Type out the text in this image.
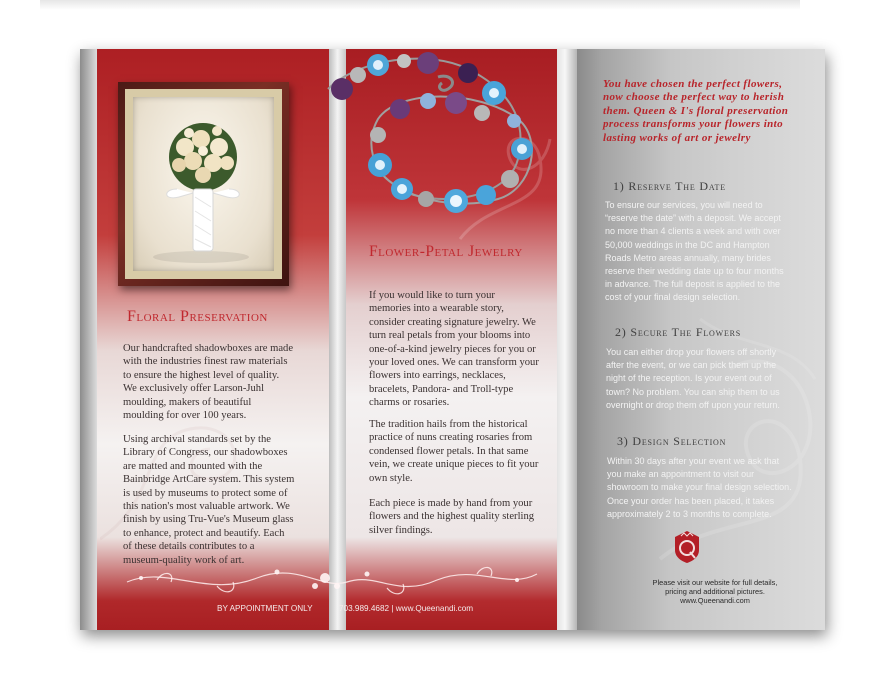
Floral Preservation
Our handcrafted shadowboxes are made
with the industries finest raw materials
to ensure the highest level of quality.
We exclusively offer Larson-Juhl
moulding, makers of beautiful
moulding for over 100 years.
Using archival standards set by the
Library of Congress, our shadowboxes
are matted and mounted with the
Bainbridge ArtCare system. This system
is used by museums to protect some of
this nation's most valuable artwork. We
finish by using Tru-Vue's Museum glass
to enhance, protect and beautify. Each
of these details contributes to a
museum-quality work of art.
Flower-Petal Jewelry
If you would like to turn your
memories into a wearable story,
consider creating signature jewelry. We
turn real petals from your blooms into
one-of-a-kind jewelry pieces for you or
your loved ones. We can transform your
flowers into earrings, necklaces,
bracelets, Pandora- and Troll-type
charms or rosaries.
The tradition hails from the historical
practice of nuns creating rosaries from
condensed flower petals. In that same
vein, we create unique pieces to fit your
own style.
Each piece is made by hand from your
flowers and the highest quality sterling
silver findings.
BY APPOINTMENT ONLY	703.989.4682 | www.Queenandi.com
You have chosen the perfect flowers,
now choose the perfect way to herish
them. Queen & I's floral preservation
process transforms your flowers into
lasting works of art or jewelry
1) Reserve The Date
To ensure our services, you will need to
“reserve the date” with a deposit. We accept
no more than 4 clients a week and with over
50,000 weddings in the DC and Hampton
Roads Metro areas annually, many brides
reserve their wedding date up to four months
in advance. The full deposit is applied to the
cost of your final design selection.
2) Secure The Flowers
You can either drop your flowers off shortly
after the event, or we can pick them up the
night of the reception. Is your event out of
town? No problem. You can ship them to us
overnight or drop them off upon your return.
3) Design Selection
Within 30 days after your event we ask that
you make an appointment to visit our
showroom to make your final design selection.
Once your order has been placed, it takes
approximately 2 to 3 months to complete.
Please visit our website for full details,
pricing and additional pictures.
www.Queenandi.com
